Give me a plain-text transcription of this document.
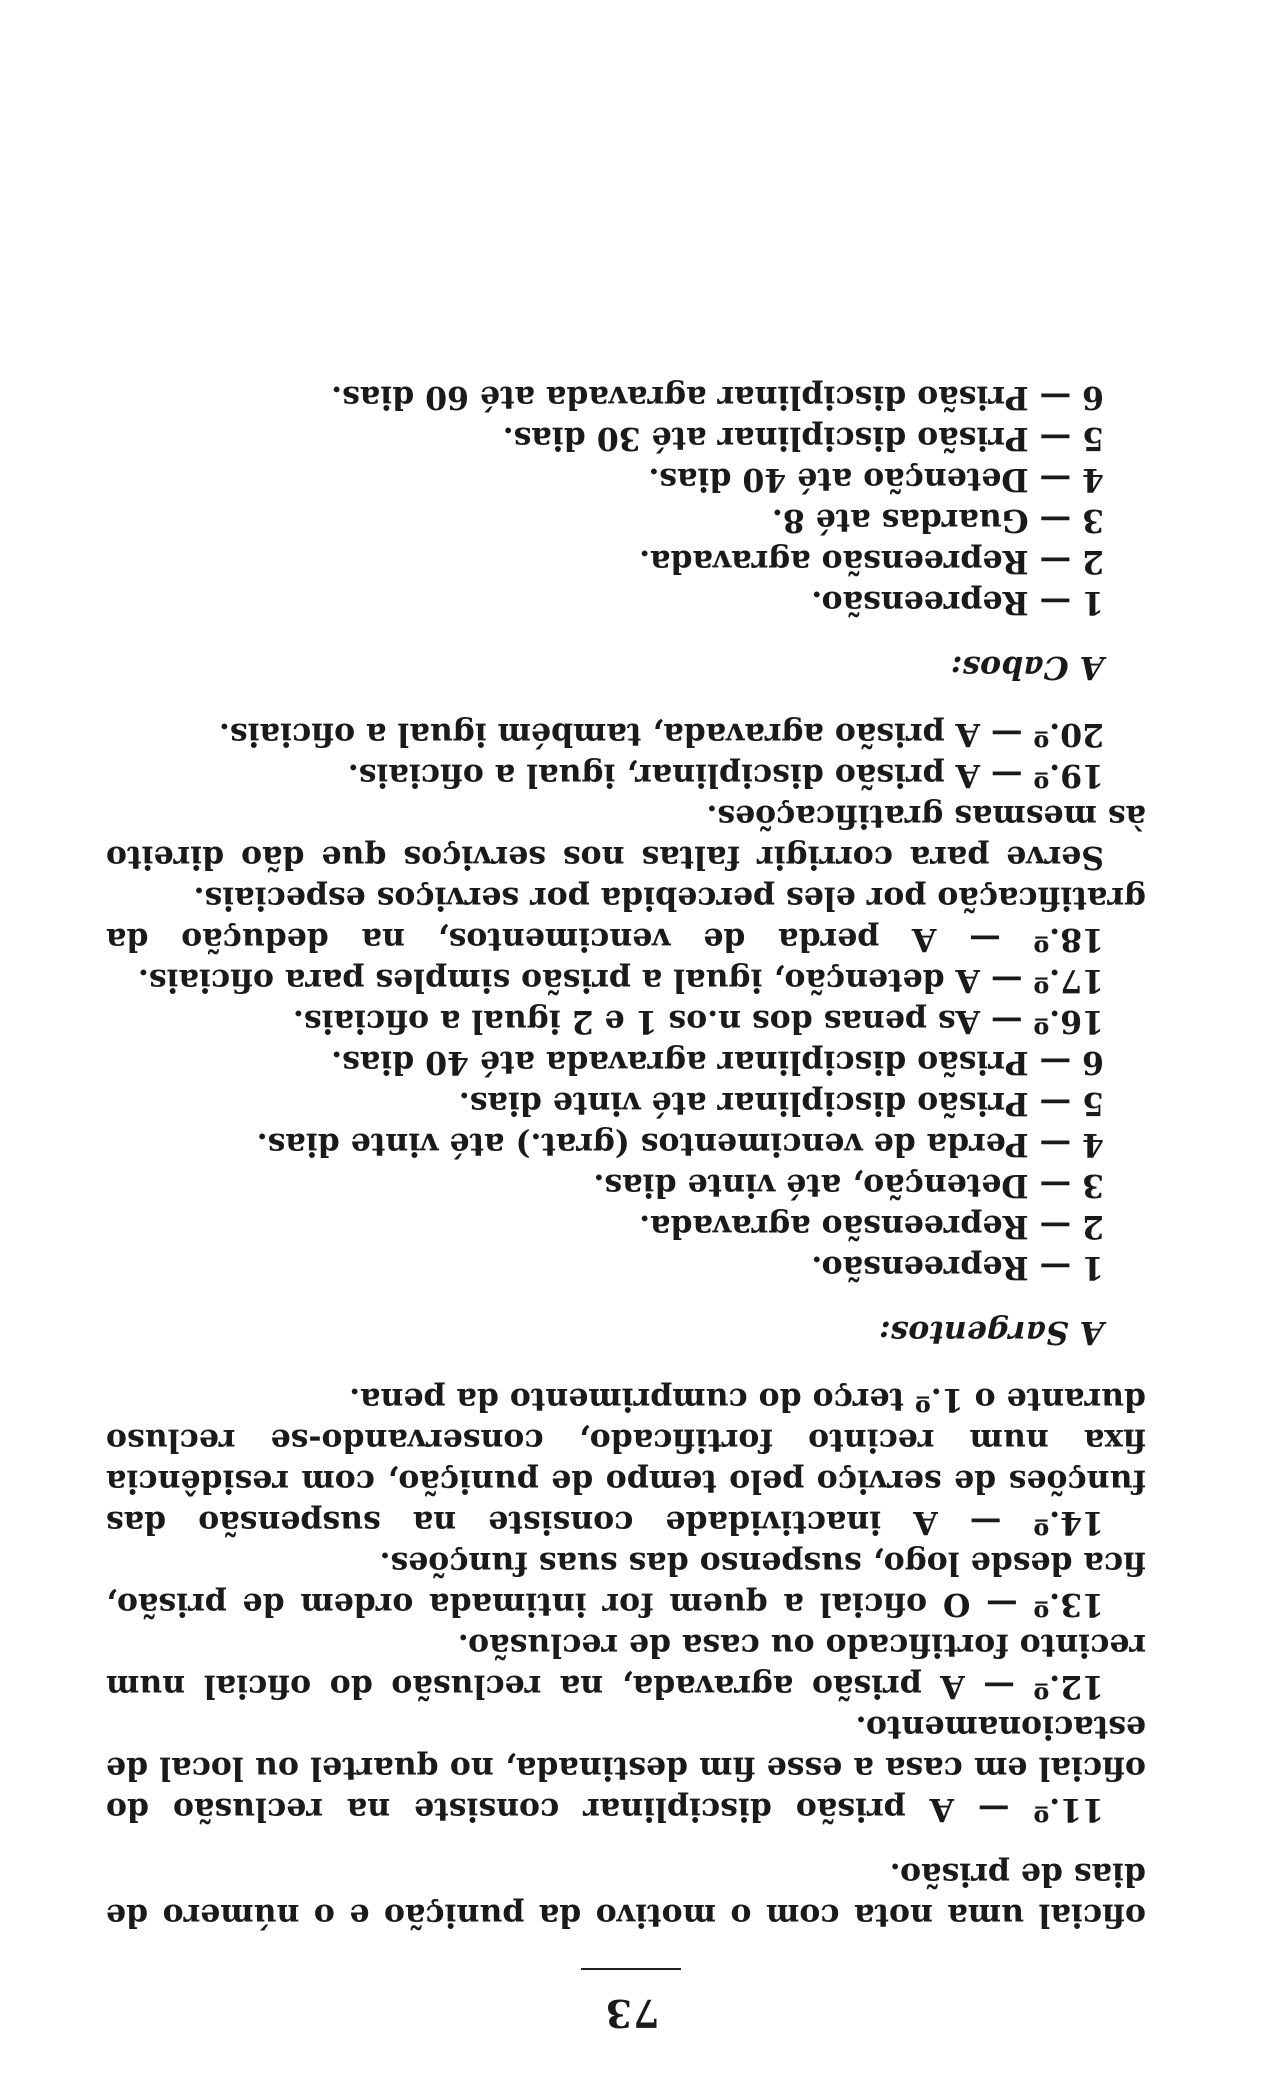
73

oficial uma nota com o motivo da punição e o número de dias de prisão.

11.º — A prisão disciplinar consiste na reclusão do oficial em casa a esse fim destinada, no quartel ou local de estacionamento.

12.º — A prisão agravada, na reclusão do oficial num recinto fortificado ou casa de reclusão.

13.º — O oficial a quem for intimada ordem de prisão, fica desde logo, suspenso das suas funções.

14.º — A inactividade consiste na suspensão das funções de serviço pelo tempo de punição, com residência fixa num recinto fortificado, conservando-se recluso durante o 1.º terço do cumprimento da pena.

A Sargentos:

1 — Repreensão.

2 — Repreensão agravada.

3 — Detenção, até vinte dias.

4 — Perda de vencimentos (grat.) até vinte dias.

5 — Prisão disciplinar até vinte dias.

6 — Prisão disciplinar agravada até 40 dias.

16.º — As penas dos n.os 1 e 2 igual a oficiais.

17.º — A detenção, igual a prisão simples para oficiais.

18.º — A perda de vencimentos, na dedução da gratificação por eles percebida por serviços especiais.

Serve para corrigir faltas nos serviços que dão direito às mesmas gratificações.

19.º — A prisão disciplinar, igual a oficiais.

20.º — A prisão agravada, também igual a oficiais.

A Cabos:

1 — Repreensão.

2 — Repreensão agravada.

3 — Guardas até 8.

4 — Detenção até 40 dias.

5 — Prisão disciplinar até 30 dias.

6 — Prisão disciplinar agravada até 60 dias.
